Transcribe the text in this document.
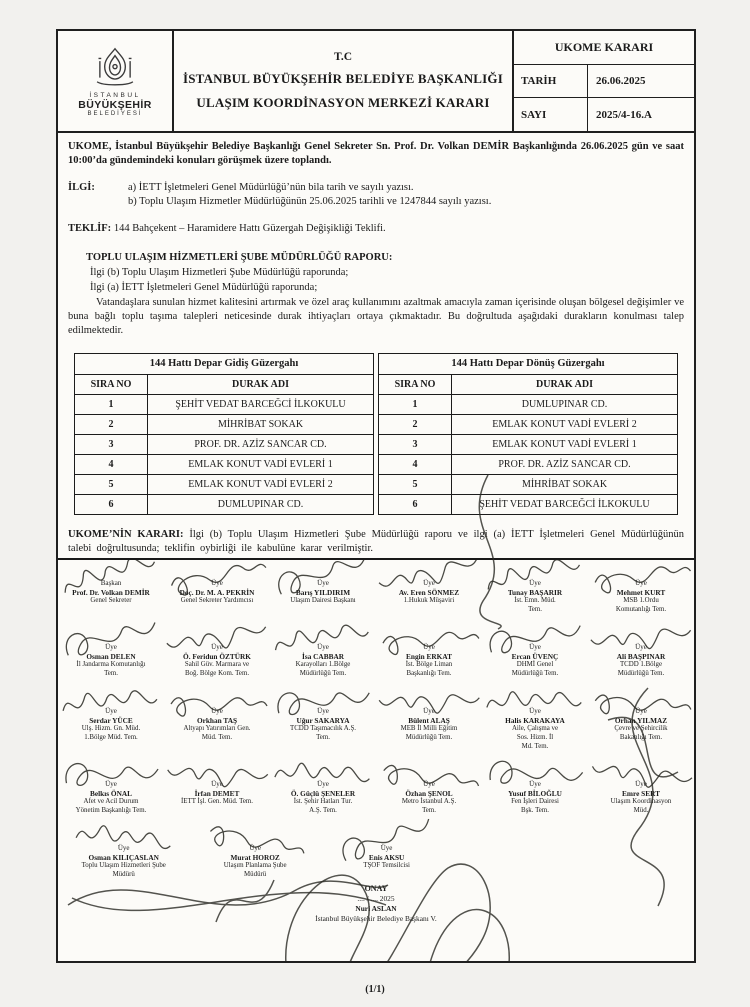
İSTANBUL
BÜYÜKŞEHİR
BELEDİYESİ
T.C
İSTANBUL BÜYÜKŞEHİR BELEDİYE BAŞKANLIĞI
ULAŞIM KOORDİNASYON MERKEZİ KARARI
UKOME KARARI
TARİH	26.06.2025
SAYI	2025/4-16.A

UKOME, İstanbul Büyükşehir Belediye Başkanlığı Genel Sekreter Sn. Prof. Dr. Volkan DEMİR Başkanlığında 26.06.2025 gün ve saat 10:00’da gündemindeki konuları görüşmek üzere toplandı.

İLGİ:	a) İETT İşletmeleri Genel Müdürlüğü’nün bila tarih ve sayılı yazısı.
b) Toplu Ulaşım Hizmetler Müdürlüğünün 25.06.2025 tarihli ve 1247844 sayılı yazısı.
TEKLİF: 144 Bahçekent – Haramidere Hattı Güzergah Değişikliği Teklifi.
TOPLU ULAŞIM HİZMETLERİ ŞUBE MÜDÜRLÜĞÜ RAPORU:
İlgi (b) Toplu Ulaşım Hizmetleri Şube Müdürlüğü raporunda;
İlgi (a) İETT İşletmeleri Genel Müdürlüğü raporunda;
Vatandaşlara sunulan hizmet kalitesini artırmak ve özel araç kullanımını azaltmak amacıyla zaman içerisinde oluşan bölgesel değişimler ve buna bağlı toplu taşıma talepleri neticesinde durak ihtiyaçları ortaya çıkmaktadır. Bu doğrultuda aşağıdaki durakların konulması talep edilmektedir.
144 Hattı Depar Gidiş Güzergahı	
SIRA NO	DURAK ADI
1	ŞEHİT VEDAT BARCEĞCİ İLKOKULU
2	MİHRİBAT SOKAK
3	PROF. DR. AZİZ SANCAR CD.
4	EMLAK KONUT VADİ EVLERİ 1
5	EMLAK KONUT VADİ EVLERİ 2
6	DUMLUPINAR CD.
144 Hattı Depar Dönüş Güzergahı	
SIRA NO	DURAK ADI
1	DUMLUPINAR CD.
2	EMLAK KONUT VADİ EVLERİ 2
3	EMLAK KONUT VADİ EVLERİ 1
4	PROF. DR. AZİZ SANCAR CD.
5	MİHRİBAT SOKAK
6	ŞEHİT VEDAT BARCEĞCİ İLKOKULU
UKOME’NİN KARARI: İlgi (b) Toplu Ulaşım Hizmetleri Şube Müdürlüğü raporu ve ilgi (a) İETT İşletmeleri Genel Müdürlüğünün talebi doğrultusunda; teklifin oybirliği ile kabulüne karar verilmiştir.
Başkan
Prof. Dr. Volkan DEMİR
Genel Sekreter
Üye
Doç. Dr. M. A. PEKRİN
Genel Sekreter Yardımcısı
Üye
Barış YILDIRIM
Ulaşım Dairesi Başkanı
Üye
Av. Eren SÖNMEZ
1.Hukuk Müşaviri
Üye
Tunay BAŞARIR
İst. Emn. Müd.
Tem.
Üye
Mehmet KURT
MSB 1.Ordu
Komutanlığı Tem.
Üye
Osman DELEN
İl Jandarma Komutanlığı
Tem.
Üye
Ö. Feridun ÖZTÜRK
Sahil Güv. Marmara ve
Boğ. Bölge Kom. Tem.
Üye
İsa CABBAR
Karayolları 1.Bölge
Müdürlüğü Tem.
Üye
Engin ERKAT
İst. Bölge Liman
Başkanlığı Tem.
Üye
Ercan ÜVENÇ
DHMİ Genel
Müdürlüğü Tem.
Üye
Ali BAŞPINAR
TCDD 1.Bölge
Müdürlüğü Tem.
Üye
Serdar YÜCE
Ulş. Hizm. Gn. Müd.
1.Bölge Müd. Tem.
Üye
Orkhan TAŞ
Altyapı Yatırımları Gen.
Müd. Tem.
Üye
Uğur SAKARYA
TCDD Taşımacılık A.Ş.
Tem.
Üye
Bülent ALAŞ
MEB İl Milli Eğitim
Müdürlüğü Tem.
Üye
Halis KARAKAYA
Aile, Çalışma ve
Sos. Hizm. İl
Md. Tem.
Üye
Orhan YILMAZ
Çevre ve Şehircilik
Bakanlığı Tem.
Üye
Belkıs ÖNAL
Afet ve Acil Durum
Yönetim Başkanlığı Tem.
Üye
İrfan DEMET
İETT İşl. Gen. Müd. Tem.
Üye
Ö. Güçlü ŞENELER
İst. Şehir Hatları Tur.
A.Ş. Tem.
Üye
Özhan ŞENOL
Metro İstanbul A.Ş.
Tem.
Üye
Yusuf BİLOĞLU
Fen İşleri Dairesi
Bşk. Tem.
Üye
Emre SERT
Ulaşım Koordinasyon
Müd.
Üye
Osman KILIÇASLAN
Toplu Ulaşım Hizmetleri Şube
Müdürü
Üye
Murat HOROZ
Ulaşım Planlama Şube
Müdürü
Üye
Enis AKSU
TŞOF Temsilcisi
ONAY
.... / .... 2025
Nuri ASLAN
İstanbul Büyükşehir Belediye Başkanı V.
(1/1)
